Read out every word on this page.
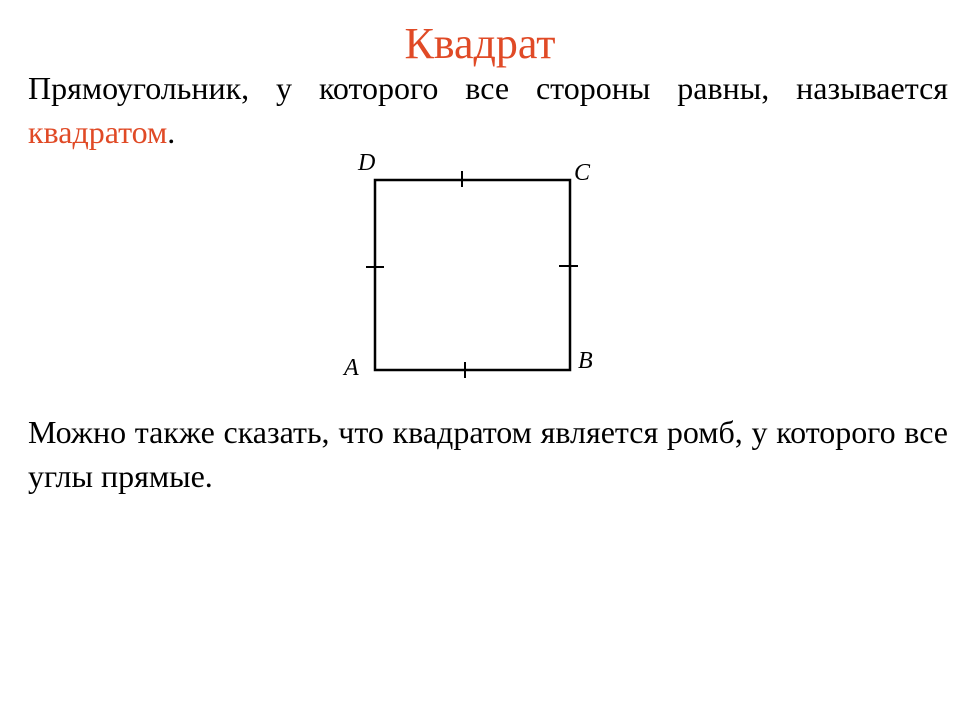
Квадрат
Прямоугольник, у которого все стороны равны, называется квадратом.
D	C
A	B
Можно также сказать, что квадратом является ромб, у которого все углы прямые.
